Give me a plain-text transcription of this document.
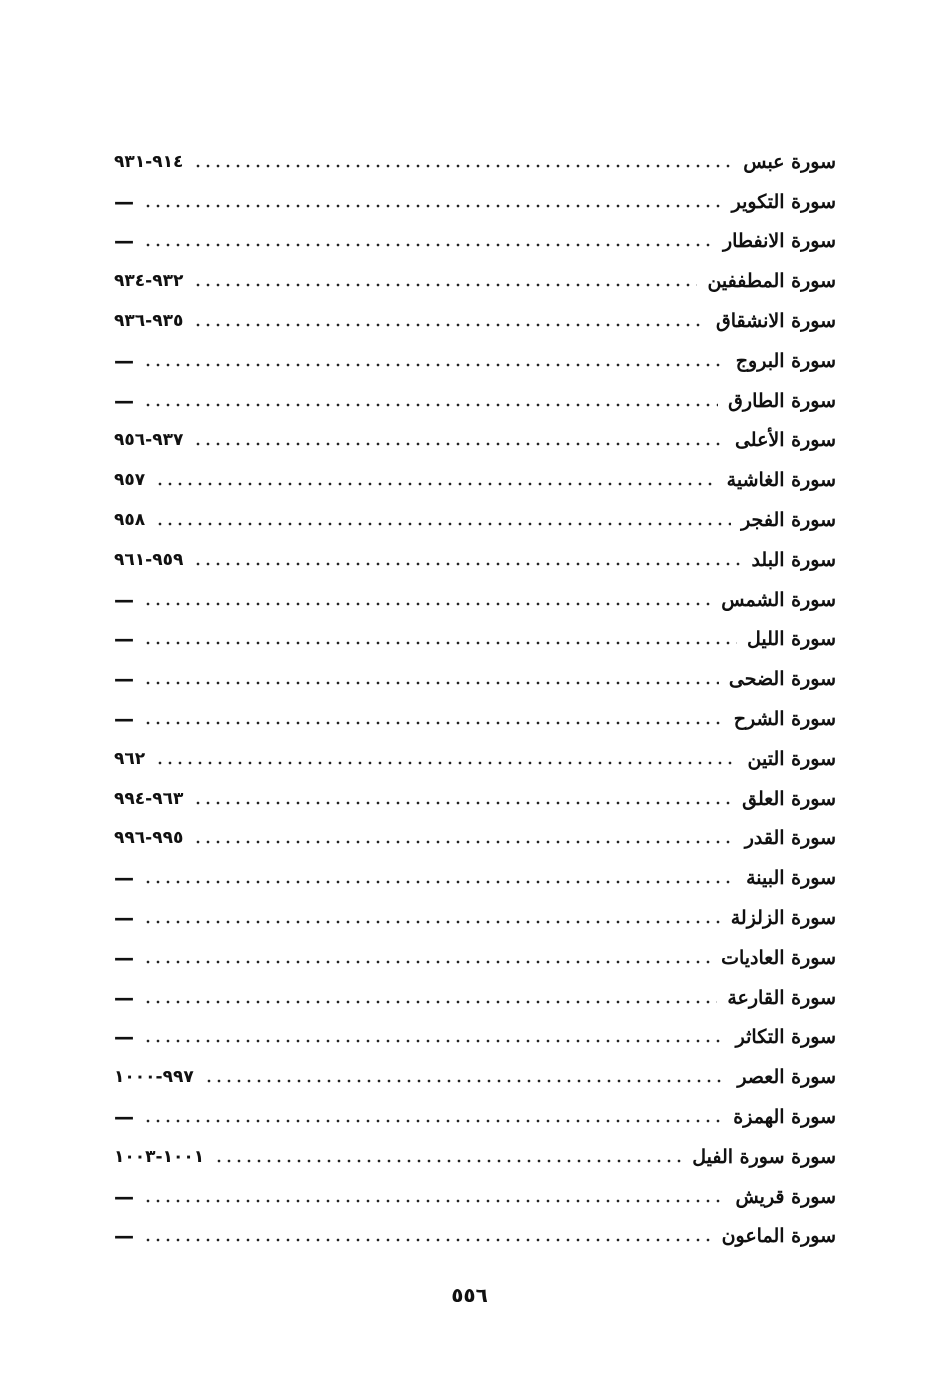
سورة عبس
٩١٤-٩٣١
سورة التكوير
—
سورة الانفطار
—
سورة المطففين
٩٣٢-٩٣٤
سورة الانشقاق
٩٣٥-٩٣٦
سورة البروج
—
سورة الطارق
—
سورة الأعلى
٩٣٧-٩٥٦
سورة الغاشية
٩٥٧
سورة الفجر
٩٥٨
سورة البلد
٩٥٩-٩٦١
سورة الشمس
—
سورة الليل
—
سورة الضحى
—
سورة الشرح
—
سورة التين
٩٦٢
سورة العلق
٩٦٣-٩٩٤
سورة القدر
٩٩٥-٩٩٦
سورة البينة
—
سورة الزلزلة
—
سورة العاديات
—
سورة القارعة
—
سورة التكاثر
—
سورة العصر
٩٩٧-١٠٠٠
سورة الهمزة
—
سورة سورة الفيل
١٠٠١-١٠٠٣
سورة قريش
—
سورة الماعون
—
٥٥٦
